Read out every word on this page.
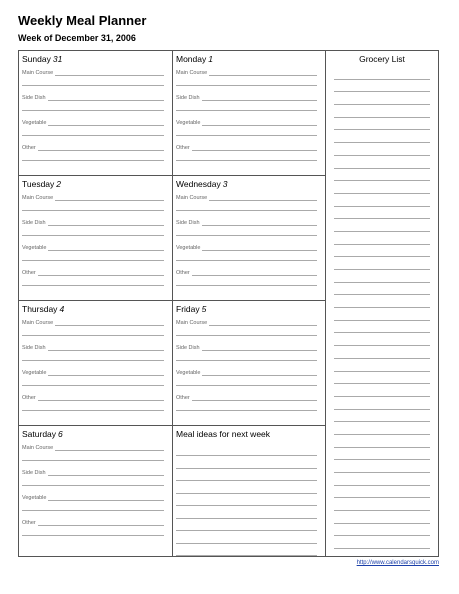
Weekly Meal Planner
Week of December 31, 2006
Sunday 31
Main Course
Side Dish
Vegetable
Other
Monday 1
Main Course
Side Dish
Vegetable
Other
Tuesday 2
Main Course
Side Dish
Vegetable
Other
Wednesday 3
Main Course
Side Dish
Vegetable
Other
Thursday 4
Main Course
Side Dish
Vegetable
Other
Friday 5
Main Course
Side Dish
Vegetable
Other
Saturday 6
Main Course
Side Dish
Vegetable
Other
Meal ideas for next week
Grocery List
http://www.calendarsquick.com
